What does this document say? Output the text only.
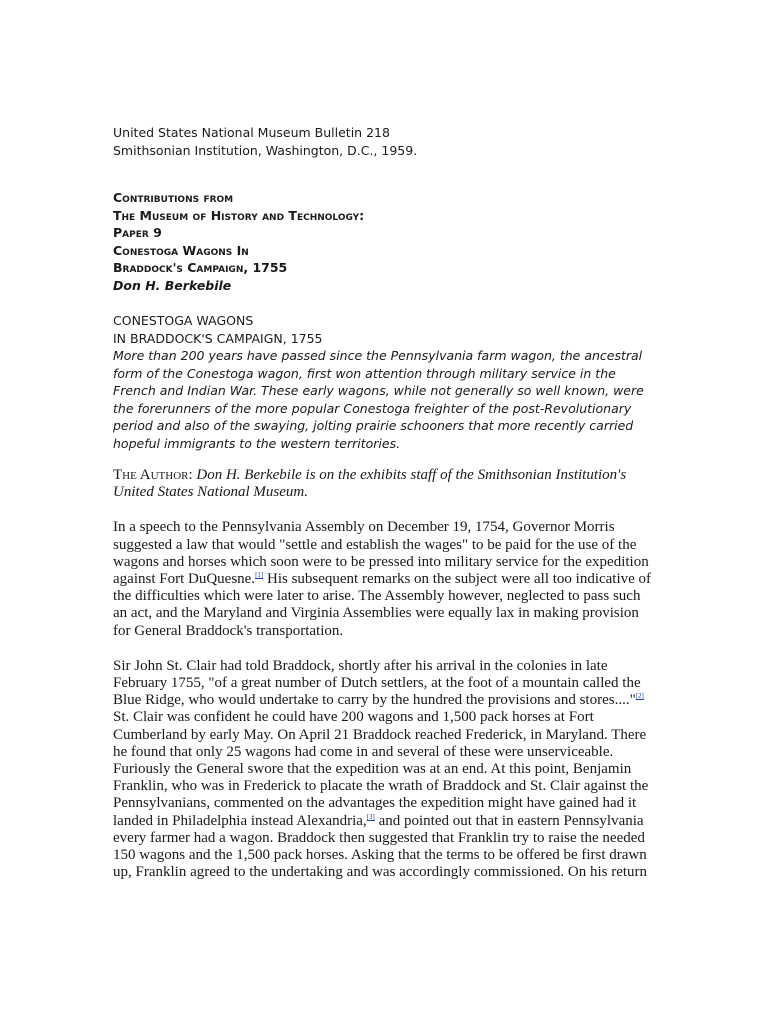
United States National Museum Bulletin 218
Smithsonian Institution, Washington, D.C., 1959.
Contributions from
The Museum of History and Technology:
Paper 9
Conestoga Wagons In
Braddock's Campaign, 1755
Don H. Berkebile
CONESTOGA WAGONS
IN BRADDOCK'S CAMPAIGN, 1755
More than 200 years have passed since the Pennsylvania farm wagon, the ancestral
form of the Conestoga wagon, first won attention through military service in the
French and Indian War. These early wagons, while not generally so well known, were
the forerunners of the more popular Conestoga freighter of the post-Revolutionary
period and also of the swaying, jolting prairie schooners that more recently carried
hopeful immigrants to the western territories.
The Author: Don H. Berkebile is on the exhibits staff of the Smithsonian Institution's
United States National Museum.
In a speech to the Pennsylvania Assembly on December 19, 1754, Governor Morris
suggested a law that would "settle and establish the wages" to be paid for the use of the
wagons and horses which soon were to be pressed into military service for the expedition
against Fort DuQuesne.[1] His subsequent remarks on the subject were all too indicative of
the difficulties which were later to arise. The Assembly however, neglected to pass such
an act, and the Maryland and Virginia Assemblies were equally lax in making provision
for General Braddock's transportation.
Sir John St. Clair had told Braddock, shortly after his arrival in the colonies in late
February 1755, "of a great number of Dutch settlers, at the foot of a mountain called the
Blue Ridge, who would undertake to carry by the hundred the provisions and stores...."[2]
St. Clair was confident he could have 200 wagons and 1,500 pack horses at Fort
Cumberland by early May. On April 21 Braddock reached Frederick, in Maryland. There
he found that only 25 wagons had come in and several of these were unserviceable.
Furiously the General swore that the expedition was at an end. At this point, Benjamin
Franklin, who was in Frederick to placate the wrath of Braddock and St. Clair against the
Pennsylvanians, commented on the advantages the expedition might have gained had it
landed in Philadelphia instead Alexandria,[3] and pointed out that in eastern Pennsylvania
every farmer had a wagon. Braddock then suggested that Franklin try to raise the needed
150 wagons and the 1,500 pack horses. Asking that the terms to be offered be first drawn
up, Franklin agreed to the undertaking and was accordingly commissioned. On his return
